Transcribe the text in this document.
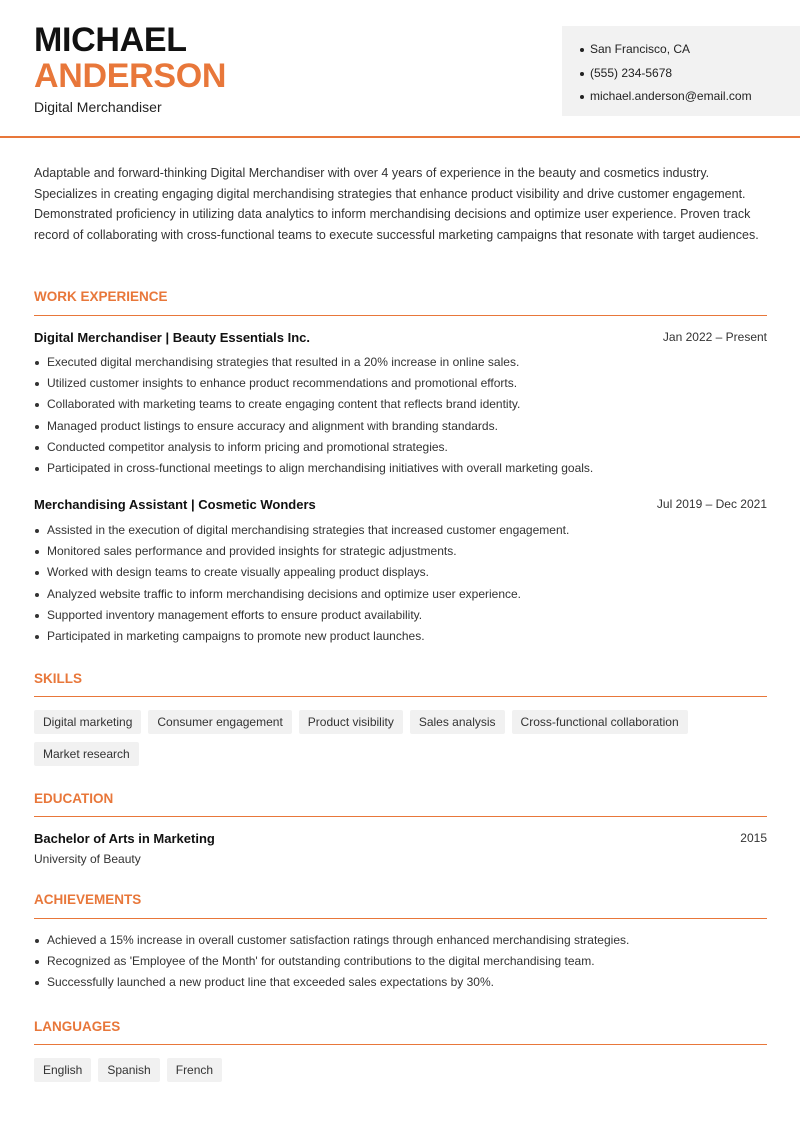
MICHAEL
ANDERSON
Digital Merchandiser
San Francisco, CA
(555) 234-5678
michael.anderson@email.com

Adaptable and forward-thinking Digital Merchandiser with over 4 years of experience in the beauty and cosmetics industry. Specializes in creating engaging digital merchandising strategies that enhance product visibility and drive customer engagement. Demonstrated proficiency in utilizing data analytics to inform merchandising decisions and optimize user experience. Proven track record of collaborating with cross-functional teams to execute successful marketing campaigns that resonate with target audiences.

WORK EXPERIENCE
Digital Merchandiser | Beauty Essentials Inc.	Jan 2022 – Present
Executed digital merchandising strategies that resulted in a 20% increase in online sales.
Utilized customer insights to enhance product recommendations and promotional efforts.
Collaborated with marketing teams to create engaging content that reflects brand identity.
Managed product listings to ensure accuracy and alignment with branding standards.
Conducted competitor analysis to inform pricing and promotional strategies.
Participated in cross-functional meetings to align merchandising initiatives with overall marketing goals.
Merchandising Assistant | Cosmetic Wonders	Jul 2019 – Dec 2021
Assisted in the execution of digital merchandising strategies that increased customer engagement.
Monitored sales performance and provided insights for strategic adjustments.
Worked with design teams to create visually appealing product displays.
Analyzed website traffic to inform merchandising decisions and optimize user experience.
Supported inventory management efforts to ensure product availability.
Participated in marketing campaigns to promote new product launches.
SKILLS
Digital marketing	Consumer engagement	Product visibility	Sales analysis	Cross-functional collaboration
Market research
EDUCATION
Bachelor of Arts in Marketing	2015
University of Beauty
ACHIEVEMENTS
Achieved a 15% increase in overall customer satisfaction ratings through enhanced merchandising strategies.
Recognized as 'Employee of the Month' for outstanding contributions to the digital merchandising team.
Successfully launched a new product line that exceeded sales expectations by 30%.
LANGUAGES
English	Spanish	French
